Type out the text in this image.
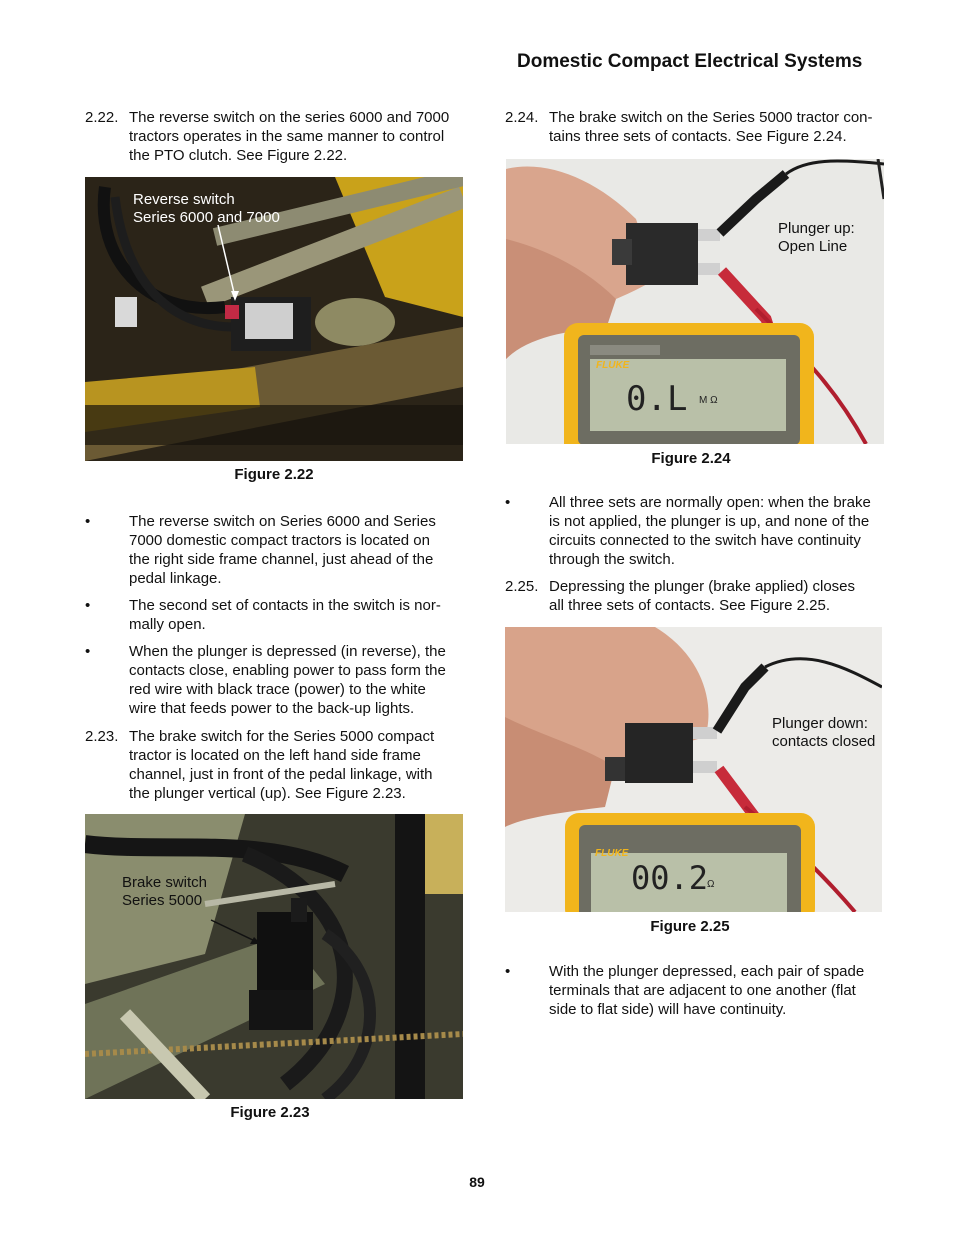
Domestic Compact Electrical Systems
2.22. The reverse switch on the series 6000 and 7000
tractors operates in the same manner to control
the PTO clutch. See Figure 2.22.
Reverse switch
Series 6000 and 7000
Figure 2.22
•	The reverse switch on Series 6000 and Series
7000 domestic compact tractors is located on
the right side frame channel, just ahead of the
pedal linkage.
•	The second set of contacts in the switch is nor-
mally open.
•	When the plunger is depressed (in reverse), the
contacts close, enabling power to pass form the
red wire with black trace (power) to the white
wire that feeds power to the back-up lights.
2.23. The brake switch for the Series 5000 compact
tractor is located on the left hand side frame
channel, just in front of the pedal linkage, with
the plunger vertical (up). See Figure 2.23.
Brake switch
Series 5000
Figure 2.23
2.24. The brake switch on the Series 5000 tractor con-
tains three sets of contacts. See Figure 2.24.
FLUKE
0.L M Ω
Plunger up:
Open Line
Figure 2.24
•	All three sets are normally open: when the brake
is not applied, the plunger is up, and none of the
circuits connected to the switch have continuity
through the switch.
2.25. Depressing the plunger (brake applied) closes
all three sets of contacts. See Figure 2.25.
FLUKE
00.2
Ω
Plunger down:
contacts closed
Figure 2.25
•	With the plunger depressed, each pair of spade
terminals that are adjacent to one another (flat
side to flat side) will have continuity.
89
